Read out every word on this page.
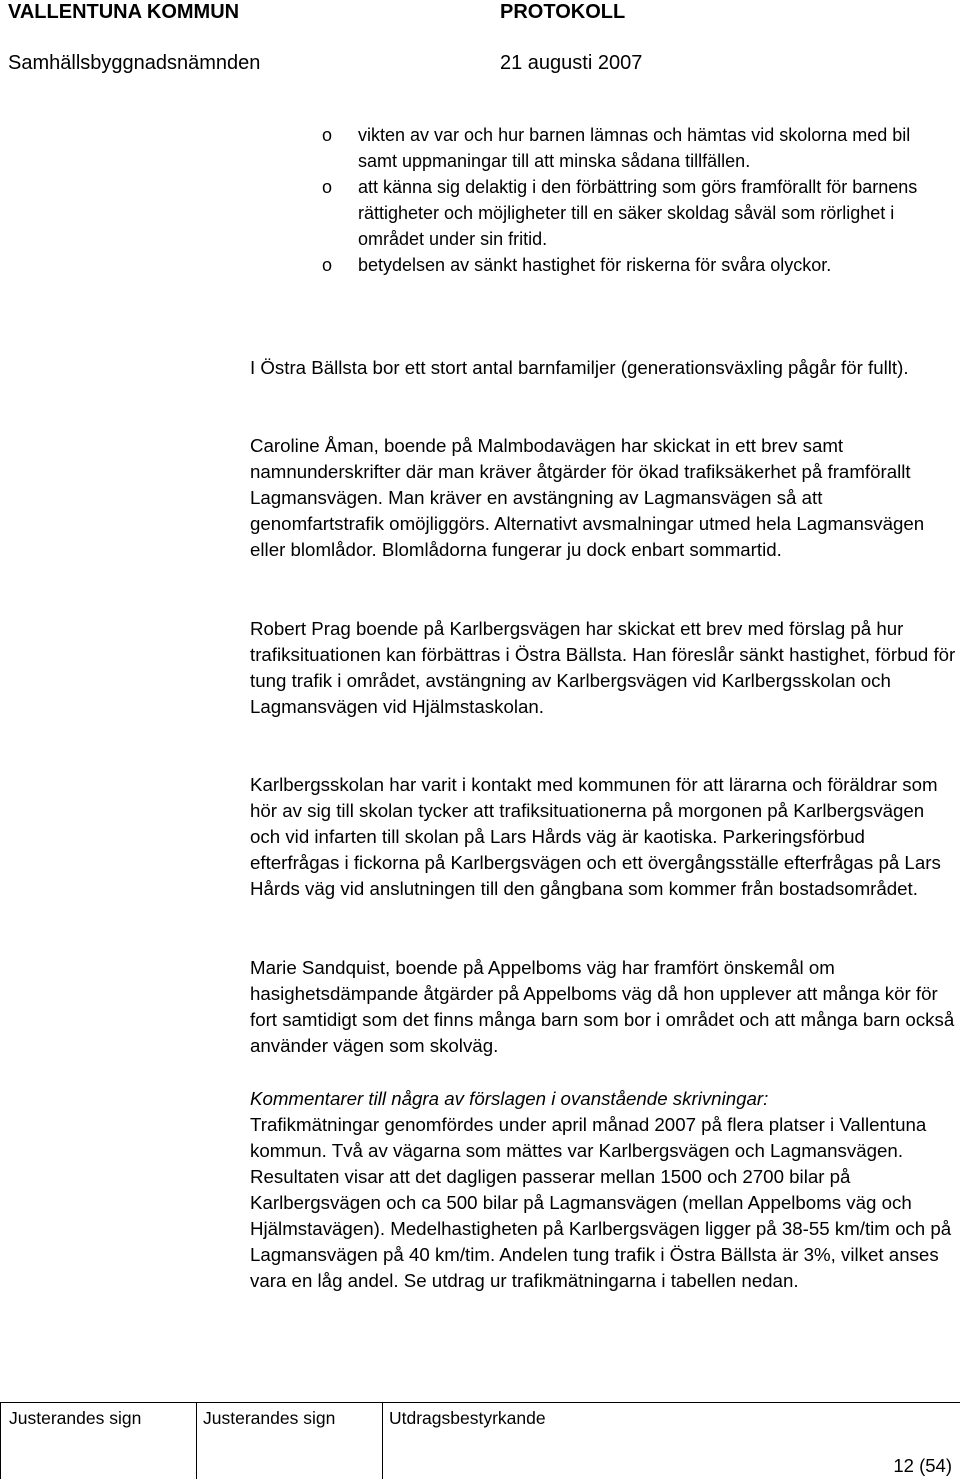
VALLENTUNA KOMMUN	PROTOKOLL
Samhällsbyggnadsnämnden	21 augusti 2007
o vikten av var och hur barnen lämnas och hämtas vid skolorna med bil samt uppmaningar till att minska sådana tillfällen.
o att känna sig delaktig i den förbättring som görs framförallt för barnens rättigheter och möjligheter till en säker skoldag såväl som rörlighet i området under sin fritid.
o betydelsen av sänkt hastighet för riskerna för svåra olyckor.

I Östra Bällsta bor ett stort antal barnfamiljer (generationsväxling pågår för fullt).

Caroline Åman, boende på Malmbodavägen har skickat in ett brev samt namnunderskrifter där man kräver åtgärder för ökad trafiksäkerhet på framförallt Lagmansvägen. Man kräver en avstängning av Lagmansvägen så att genomfartstrafik omöjliggörs. Alternativt avsmalningar utmed hela Lagmansvägen eller blomlådor. Blomlådorna fungerar ju dock enbart sommartid.

Robert Prag boende på Karlbergsvägen har skickat ett brev med förslag på hur trafiksituationen kan förbättras i Östra Bällsta. Han föreslår sänkt hastighet, förbud för tung trafik i området, avstängning av Karlbergsvägen vid Karlbergsskolan och Lagmansvägen vid Hjälmstaskolan.

Karlbergsskolan har varit i kontakt med kommunen för att lärarna och föräldrar som hör av sig till skolan tycker att trafiksituationerna på morgonen på Karlbergsvägen och vid infarten till skolan på Lars Hårds väg är kaotiska. Parkeringsförbud efterfrågas i fickorna på Karlbergsvägen och ett övergångsställe efterfrågas på Lars Hårds väg vid anslutningen till den gångbana som kommer från bostadsområdet.

Marie Sandquist, boende på Appelboms väg har framfört önskemål om hasighetsdämpande åtgärder på Appelboms väg då hon upplever att många kör för fort samtidigt som det finns många barn som bor i området och att många barn också använder vägen som skolväg.

Kommentarer till några av förslagen i ovanstående skrivningar:
Trafikmätningar genomfördes under april månad 2007 på flera platser i Vallentuna kommun. Två av vägarna som mättes var Karlbergsvägen och Lagmansvägen. Resultaten visar att det dagligen passerar mellan 1500 och 2700 bilar på Karlbergsvägen och ca 500 bilar på Lagmansvägen (mellan Appelboms väg och Hjälmstavägen). Medelhastigheten på Karlbergsvägen ligger på 38-55 km/tim och på Lagmansvägen på 40 km/tim. Andelen tung trafik i Östra Bällsta är 3%, vilket anses vara en låg andel. Se utdrag ur trafikmätningarna i tabellen nedan.

Justerandes sign	Justerandes sign	Utdragsbestyrkande
12 (54)
